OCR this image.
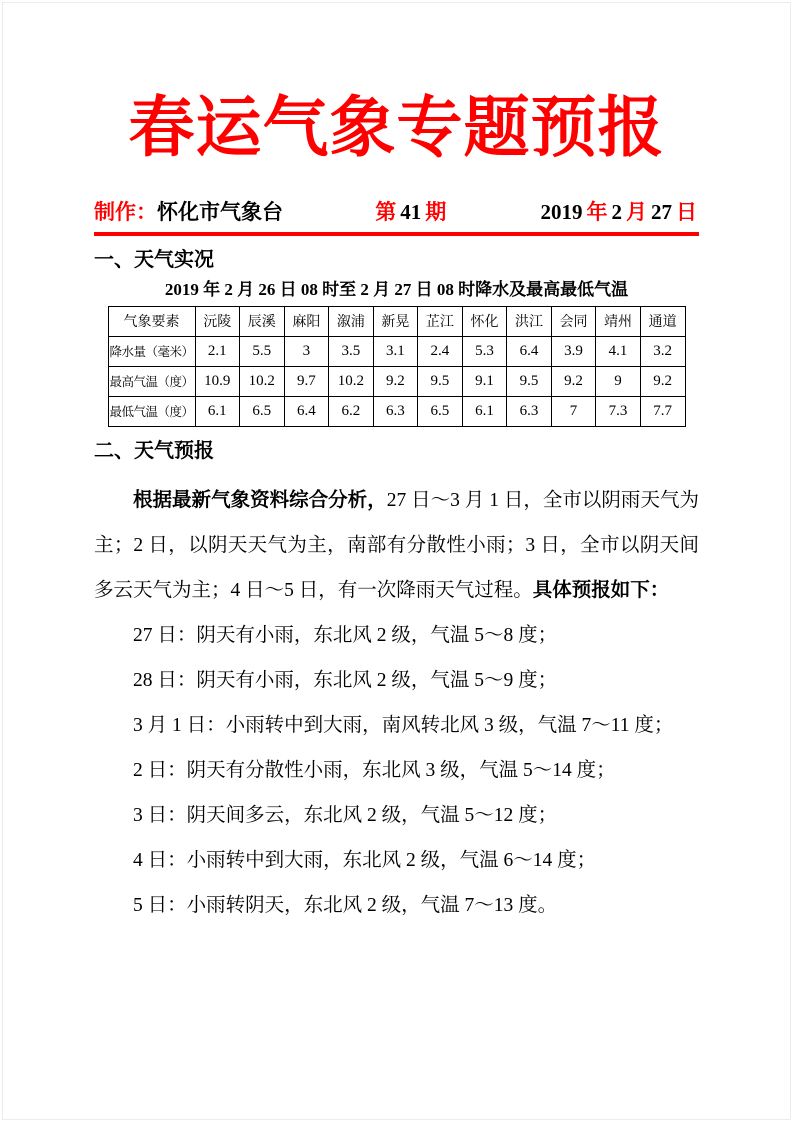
春运气象专题预报
制作：怀化市气象台	第 41 期	2019 年 2 月 27 日
一、天气实况
2019 年 2 月 26 日 08 时至 2 月 27 日 08 时降水及最高最低气温
气象要素	沅陵	辰溪	麻阳	溆浦	新晃	芷江	怀化	洪江	会同	靖州	通道
降水量（毫米）	2.1	5.5	3	3.5	3.1	2.4	5.3	6.4	3.9	4.1	3.2
最高气温（度）	10.9	10.2	9.7	10.2	9.2	9.5	9.1	9.5	9.2	9	9.2
最低气温（度）	6.1	6.5	6.4	6.2	6.3	6.5	6.1	6.3	7	7.3	7.7
二、天气预报

根据最新气象资料综合分析，27 日～3 月 1 日，全市以阴雨天气为主；2 日，以阴天天气为主，南部有分散性小雨；3 日，全市以阴天间多云天气为主；4 日～5 日，有一次降雨天气过程。具体预报如下：

27 日：阴天有小雨，东北风 2 级，气温 5～8 度；

28 日：阴天有小雨，东北风 2 级，气温 5～9 度；

3 月 1 日：小雨转中到大雨，南风转北风 3 级，气温 7～11 度；

2 日：阴天有分散性小雨，东北风 3 级，气温 5～14 度；

3 日：阴天间多云，东北风 2 级，气温 5～12 度；

4 日：小雨转中到大雨，东北风 2 级，气温 6～14 度；

5 日：小雨转阴天，东北风 2 级，气温 7～13 度。
